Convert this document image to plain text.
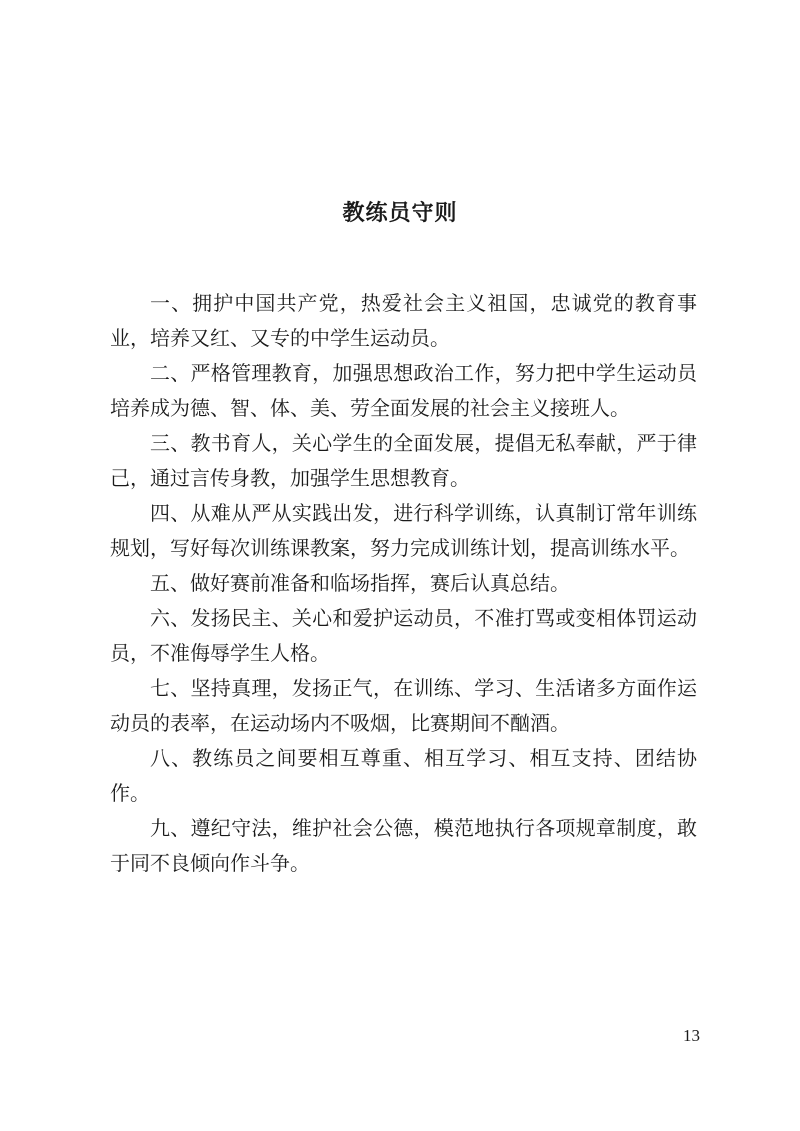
教练员守则

一、拥护中国共产党，热爱社会主义祖国，忠诚党的教育事业，培养又红、又专的中学生运动员。

二、严格管理教育，加强思想政治工作，努力把中学生运动员培养成为德、智、体、美、劳全面发展的社会主义接班人。

三、教书育人，关心学生的全面发展，提倡无私奉献，严于律己，通过言传身教，加强学生思想教育。

四、从难从严从实践出发，进行科学训练，认真制订常年训练规划，写好每次训练课教案，努力完成训练计划，提高训练水平。

五、做好赛前准备和临场指挥，赛后认真总结。

六、发扬民主、关心和爱护运动员，不准打骂或变相体罚运动员，不准侮辱学生人格。

七、坚持真理，发扬正气，在训练、学习、生活诸多方面作运动员的表率，在运动场内不吸烟，比赛期间不酗酒。

八、教练员之间要相互尊重、相互学习、相互支持、团结协作。

九、遵纪守法，维护社会公德，模范地执行各项规章制度，敢于同不良倾向作斗争。

13
